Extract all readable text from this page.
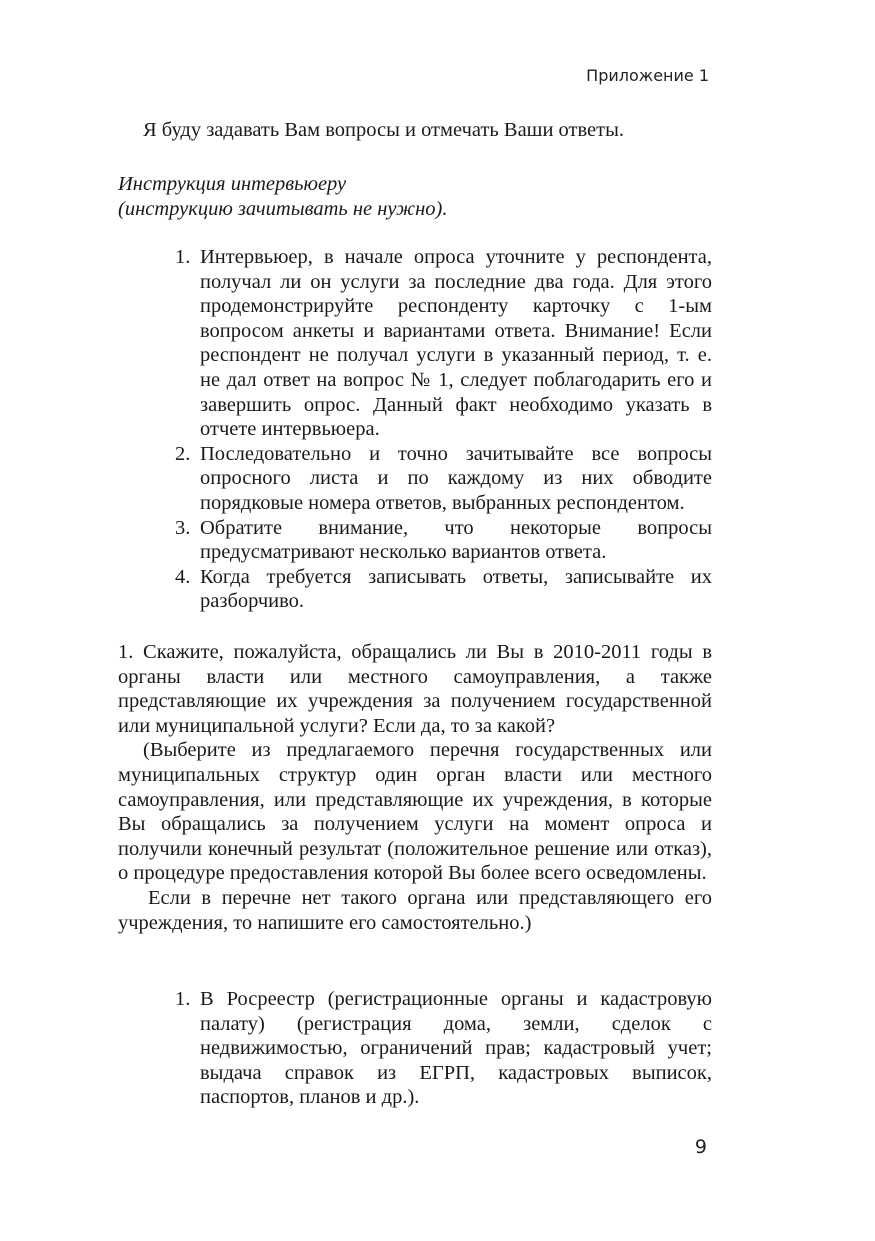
Приложение 1
Я буду задавать Вам вопросы и отмечать Ваши ответы.
Инструкция интервьюеру
(инструкцию зачитывать не нужно).
1. Интервьюер, в начале опроса уточните у респондента, получал ли он услуги за последние два года. Для этого продемонстрируйте респонденту карточку с 1-ым вопросом анкеты и вариантами ответа. Внимание! Если респондент не получал услуги в указанный период, т. е. не дал ответ на вопрос № 1, следует поблагодарить его и завершить опрос. Данный факт необходимо указать в отчете интервьюера.
2. Последовательно и точно зачитывайте все вопросы опросного листа и по каждому из них обводите порядковые номера ответов, выбранных респондентом.
3. Обратите внимание, что некоторые вопросы предусматривают несколько вариантов ответа.
4. Когда требуется записывать ответы, записывайте их разборчиво.

1. Скажите, пожалуйста, обращались ли Вы в 2010-2011 годы в органы власти или местного самоуправления, а также представляющие их учреждения за получением государственной или муниципальной услуги? Если да, то за какой?

(Выберите из предлагаемого перечня государственных или муниципальных структур один орган власти или местного самоуправления, или представляющие их учреждения, в которые Вы обращались за получением услуги на момент опроса и получили конечный результат (положительное решение или отказ), о процедуре предоставления которой Вы более всего осведомлены.

Если в перечне нет такого органа или представляющего его учреждения, то напишите его самостоятельно.)

1. В Росреестр (регистрационные органы и кадастровую палату) (регистрация дома, земли, сделок с недвижимостью, ограничений прав; кадастровый учет; выдача справок из ЕГРП, кадастровых выписок, паспортов, планов и др.).
9
